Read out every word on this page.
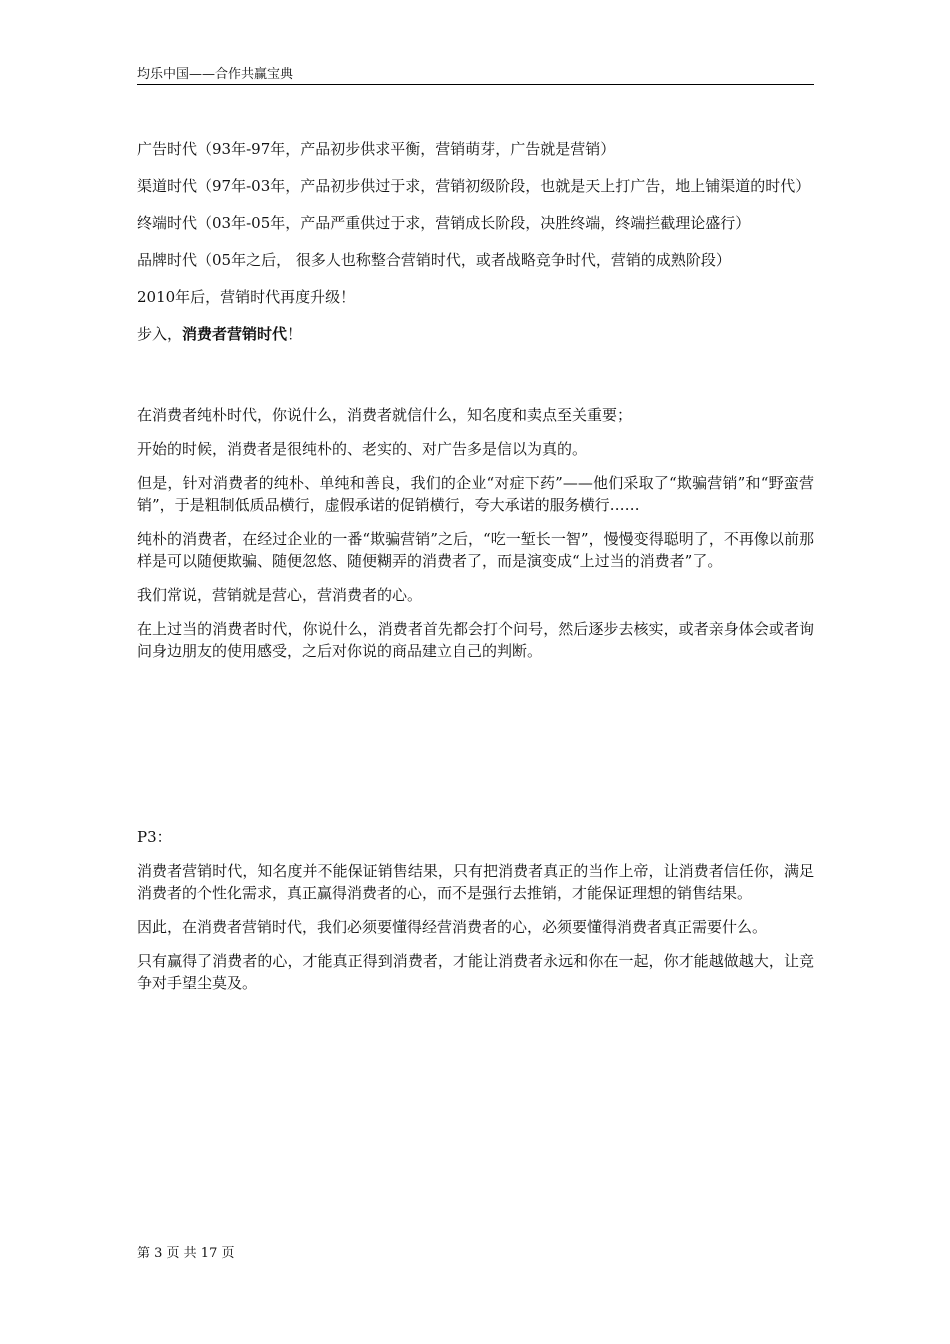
均乐中国——合作共赢宝典

广告时代（93年-97年，产品初步供求平衡，营销萌芽，广告就是营销）

渠道时代（97年-03年，产品初步供过于求，营销初级阶段，也就是天上打广告，地上铺渠道的时代）

终端时代（03年-05年，产品严重供过于求，营销成长阶段，决胜终端，终端拦截理论盛行）

品牌时代（05年之后， 很多人也称整合营销时代，或者战略竞争时代，营销的成熟阶段）

2010年后，营销时代再度升级！

步入，消费者营销时代！

在消费者纯朴时代，你说什么，消费者就信什么，知名度和卖点至关重要；

开始的时候，消费者是很纯朴的、老实的、对广告多是信以为真的。

但是，针对消费者的纯朴、单纯和善良，我们的企业“对症下药”——他们采取了“欺骗营销”和“野蛮营销”，于是粗制低质品横行，虚假承诺的促销横行，夸大承诺的服务横行……

纯朴的消费者，在经过企业的一番“欺骗营销”之后，“吃一堑长一智”，慢慢变得聪明了，不再像以前那样是可以随便欺骗、随便忽悠、随便糊弄的消费者了，而是演变成“上过当的消费者”了。

我们常说，营销就是营心，营消费者的心。

在上过当的消费者时代，你说什么，消费者首先都会打个问号，然后逐步去核实，或者亲身体会或者询问身边朋友的使用感受，之后对你说的商品建立自己的判断。

P3：

消费者营销时代，知名度并不能保证销售结果，只有把消费者真正的当作上帝，让消费者信任你，满足消费者的个性化需求，真正赢得消费者的心，而不是强行去推销，才能保证理想的销售结果。

因此，在消费者营销时代，我们必须要懂得经营消费者的心，必须要懂得消费者真正需要什么。

只有赢得了消费者的心，才能真正得到消费者，才能让消费者永远和你在一起，你才能越做越大，让竞争对手望尘莫及。

第 3 页 共 17 页
